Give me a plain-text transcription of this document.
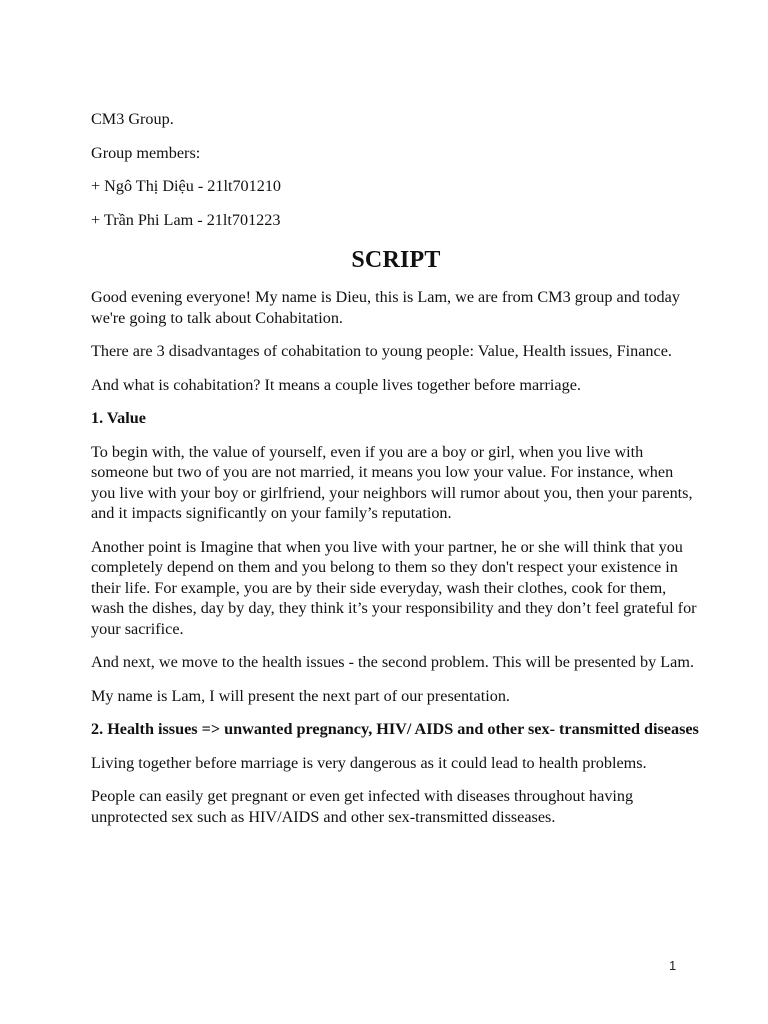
CM3 Group.

Group members:

+ Ngô Thị Diệu - 21lt701210

+ Trần Phi Lam - 21lt701223

SCRIPT

Good evening everyone! My name is Dieu, this is Lam, we are from CM3 group and today we're going to talk about Cohabitation.

There are 3 disadvantages of cohabitation to young people: Value, Health issues, Finance.

And what is cohabitation? It means a couple lives together before marriage.

1. Value

To begin with, the value of yourself, even if you are a boy or girl, when you live with someone but two of you are not married, it means you low your value. For instance, when you live with your boy or girlfriend, your neighbors will rumor about you, then your parents, and it impacts significantly on your family’s reputation.

Another point is Imagine that when you live with your partner, he or she will think that you completely depend on them and you belong to them so they don't respect your existence in their life. For example, you are by their side everyday, wash their clothes, cook for them, wash the dishes, day by day, they think it’s your responsibility and they don’t feel grateful for your sacrifice.

And next, we move to the health issues - the second problem. This will be presented by Lam.

My name is Lam, I will present the next part of our presentation.

2. Health issues => unwanted pregnancy, HIV/ AIDS and other sex- transmitted diseases

Living together before marriage is very dangerous as it could lead to health problems.

People can easily get pregnant or even get infected with diseases throughout having unprotected sex such as HIV/AIDS and other sex-transmitted disseases.

1
